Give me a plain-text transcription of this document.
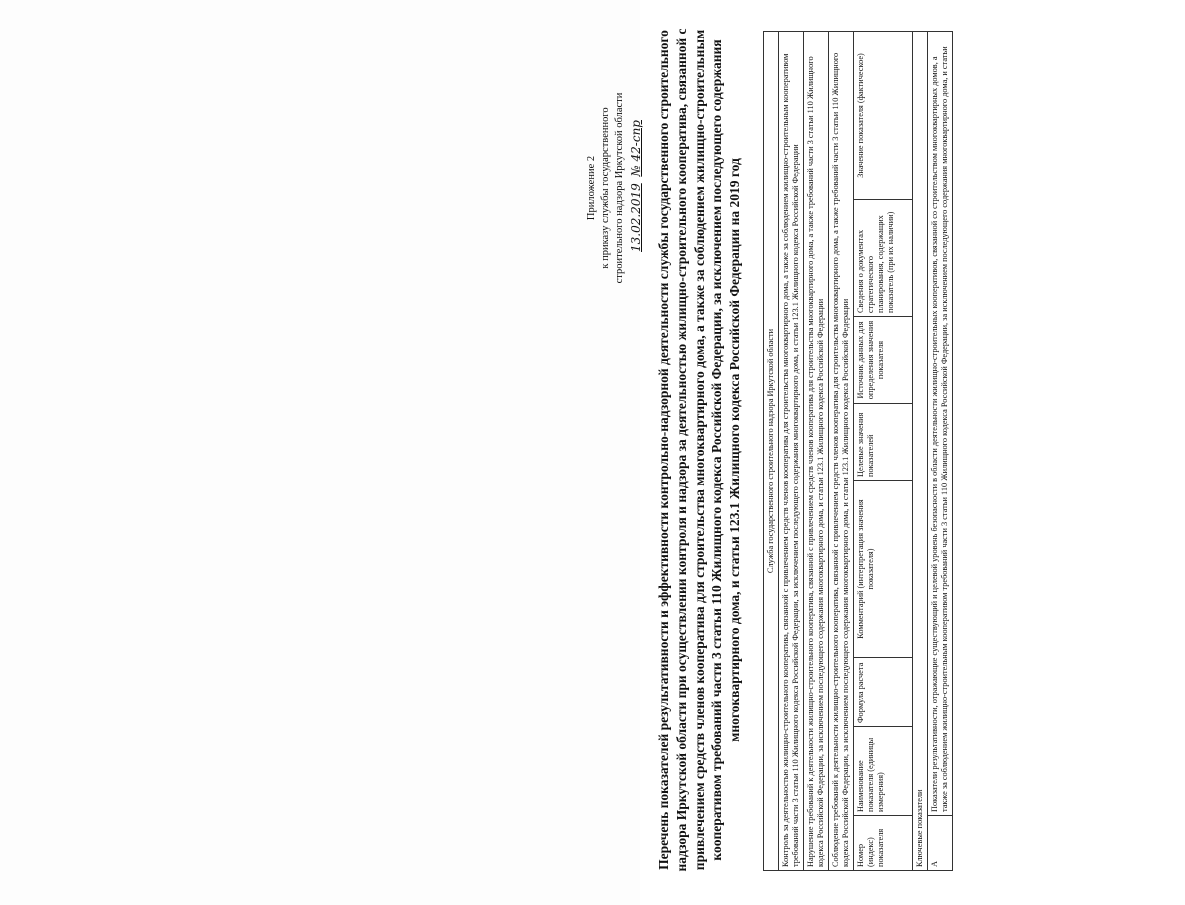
Приложение 2 к приказу службы государственного строительного надзора Иркутской области 13.02.2019 № 42-спр Перечень показателей результативности и эффективности контрольно-надзорной деятельности службы государственного строительного надзора Иркутской области при осуществлении контроля и надзора за деятельностью жилищно-строительного кооператива, связанной с привлечением средств членов кооператива для строительства многоквартирного дома, а также за соблюдением жилищно-строительным кооперативом требований части 3 статьи 110 Жилищного кодекса Российской Федерации, за исключением последующего содержания многоквартирного дома, и статьи 123.1 Жилищного кодекса Российской Федерации на 2019 год	Служба государственного строительного надзора Иркутской области							
Контроль за деятельностью жилищно-строительного кооператива, связанной с привлечением средств членов кооператива для строительства многоквартирного дома, а также за соблюдением жилищно-строительным кооперативом требований части 3 статьи 110 Жилищного кодекса Российской Федерации, за исключением последующего содержания многоквартирного дома, и статьи 123.1 Жилищного кодекса Российской Федерации							
Нарушение требований к деятельности жилищно-строительного кооператива, связанной с привлечением средств членов кооператива для строительства многоквартирного дома, а также требований части 3 статьи 110 Жилищного кодекса Российской Федерации, за исключением последующего содержания многоквартирного дома, и статьи 123.1 Жилищного кодекса Российской Федерации							
Соблюдение требований к деятельности жилищно-строительного кооператива, связанной с привлечением средств членов кооператива для строительства многоквартирного дома, а также требований части 3 статьи 110 Жилищного кодекса Российской Федерации, за исключением последующего содержания многоквартирного дома, и статьи 123.1 Жилищного кодекса Российской Федерации							
Номер (индекс) показателя	Наименование показателя (единицы измерения)	Формула расчета	Комментарий (интерпретация значения показателя)	Целевые значения показателей	Источник данных для определения значения показателя	Сведения о документах стратегического планирования, содержащих показатель (при их наличии)	Значение показателя (фактическое)
Ключевые показатели							
А	Показатели результативности, отражающие существующий и целевой уровень безопасности в области деятельности жилищно-строительных кооперативов, связанной со строительством многоквартирных домов, а также за соблюдением жилищно-строительным кооперативом требований части 3 статьи 110 Жилищного кодекса Российской Федерации, за исключением последующего содержания многоквартирного дома, и статьи						
